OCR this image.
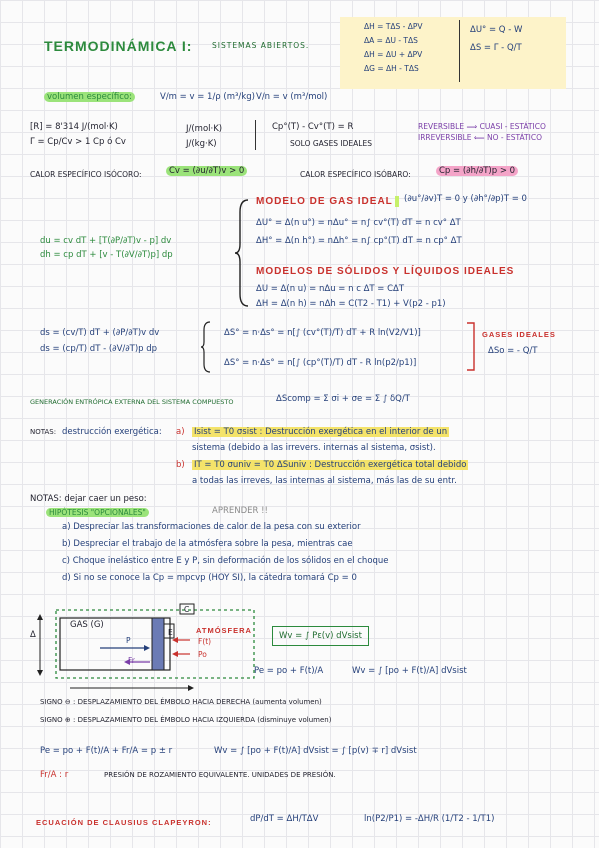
TERMODINÁMICA I:	SISTEMAS ABIERTOS.
ΔH = TΔS - ΔPV
ΔA = ΔU - TΔS
ΔH = ΔU + ΔPV
ΔG = ΔH - TΔS
ΔU° = Q - W
ΔS = Γ - Q/T
volumen específico:	V/m = v = 1/ρ (m³/kg) V/n = v (m³/mol)
[R] = 8'314 J/(mol·K)	J/(mol·K)
Γ = Cp/Cv > 1 Cp ó Cv	J/(kg·K)
Cp°(T) - Cv°(T) = R
SOLO GASES IDEALES
REVERSIBLE ⟹ CUASI - ESTÁTICO
IRREVERSIBLE ⟸ NO - ESTÁTICO
CALOR ESPECÍFICO ISÓCORO:	Cv = (∂u/∂T)v > 0	CALOR ESPECÍFICO ISÓBARO:	Cp = (∂h/∂T)p > 0
MODELO DE GAS IDEAL	(∂u°/∂v)T = 0 y (∂h°/∂p)T = 0
ΔU° = Δ(n u°) = nΔu° = n∫ cv°(T) dT = n cv° ΔT
ΔH° = Δ(n h°) = nΔh° = n∫ cp°(T) dT = n cp° ΔT
du = cv dT + [T(∂P/∂T)v - p] dv
dh = cp dT + [v - T(∂V/∂T)p] dp
MODELOS DE SÓLIDOS Y LÍQUIDOS IDEALES
ΔU = Δ(n u) = nΔu = n c ΔT = CΔT
ΔH = Δ(n h) = nΔh = C(T2 - T1) + V(p2 - p1)
ds = (cv/T) dT + (∂P/∂T)v dv
ds = (cp/T) dT - (∂V/∂T)p dp
ΔS° = n·Δs° = n[∫ (cv°(T)/T) dT + R ln(V2/V1)]
ΔS° = n·Δs° = n[∫ (cp°(T)/T) dT - R ln(p2/p1)]
GASES IDEALES
ΔSo = - Q/T
GENERACIÓN ENTRÓPICA EXTERNA DEL SISTEMA COMPUESTO	ΔScomp = Σ σi + σe = Σ ∫ δQ/T
NOTAS: destrucción exergética: a) Isist = T0 σsist : Destrucción exergética en el interior de un
sistema (debido a las irrevers. internas al sistema, σsist).
b) IT = T0 σuniv = T0 ΔSuniv : Destrucción exergética total debido
a todas las irreves, las internas al sistema, más las de su entr.
NOTAS: dejar caer un peso:
HIPÓTESIS "OPCIONALES"	APRENDER !!
a) Despreciar las transformaciones de calor de la pesa con su exterior
b) Despreciar el trabajo de la atmósfera sobre la pesa, mientras cae
c) Choque inelástico entre E y P, sin deformación de los sólidos en el choque
d) Si no se conoce la Cp = mpcvp (HOY SI), la cátedra tomará Cp = 0
GAS (G)
C
E
P
ATMÓSFERA
F(t)
Po
Fr
Δ	Wv = ∫ Pε(v) dVsist
Pe = po + F(t)/A	Wv = ∫ [po + F(t)/A] dVsist
SIGNO ⊖ : DESPLAZAMIENTO DEL ÉMBOLO HACIA DERECHA (aumenta volumen)
SIGNO ⊕ : DESPLAZAMIENTO DEL ÉMBOLO HACIA IZQUIERDA (disminuye volumen)
Pe = po + F(t)/A + Fr/A = p ± r	Wv = ∫ [po + F(t)/A] dVsist = ∫ [p(v) ∓ r] dVsist
Fr/A : r	PRESIÓN DE ROZAMIENTO EQUIVALENTE. UNIDADES DE PRESIÓN.
ECUACIÓN DE CLAUSIUS CLAPEYRON:	dP/dT = ΔH/TΔV	ln(P2/P1) = -ΔH/R (1/T2 - 1/T1)
